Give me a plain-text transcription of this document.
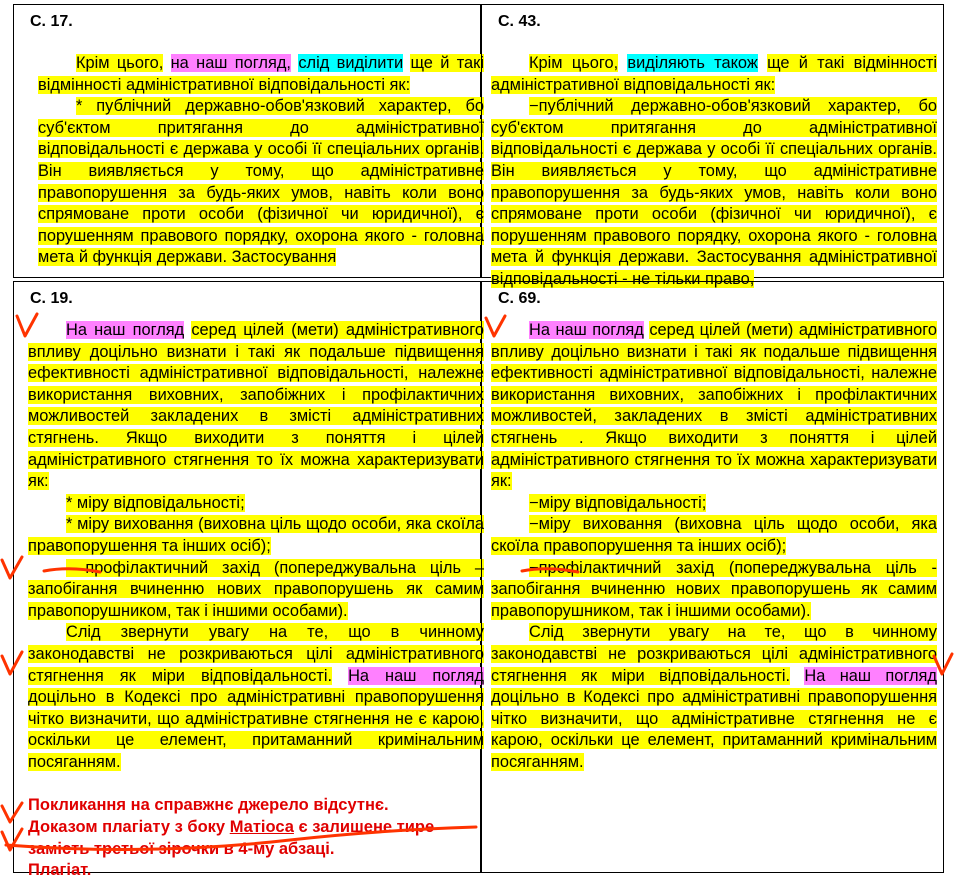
С. 17.

Крім цього, на наш погляд, слід виділити ще й такі відмінності адміністративної відповідальності як:

* публічний державно-обов'язковий характер, бо суб'єктом притягання до адміністративної відповідальності є держава у особі її спеціальних органів. Він виявляється у тому, що адміністративне правопорушення за будь-яких умов, навіть коли воно спрямоване проти особи (фізичної чи юридичної), є порушенням правового порядку, охорона якого - головна мета й функція держави. Застосування

С. 43.

Крім цього, виділяють також ще й такі відмінності адміністративної відповідальності як:

−публічний державно-обов'язковий характер, бо суб'єктом притягання до адміністративної відповідальності є держава у особі її спеціальних органів. Він виявляється у тому, що адміністративне правопорушення за будь-яких умов, навіть коли воно спрямоване проти особи (фізичної чи юридичної), є порушенням правового порядку, охорона якого - головна мета й функція держави. Застосування адміністративної відповідальності - не тільки право,

С. 19.

На наш погляд серед цілей (мети) адміністративного впливу доцільно визнати і такі як подальше підвищення ефективності адміністративної відповідальності, належне використання виховних, запобіжних і профілактичних можливостей закладених в змісті адміністративних стягнень. Якщо виходити з поняття і цілей адміністративного стягнення то їх можна характеризувати як:

* міру відповідальності;

* міру виховання (виховна ціль щодо особи, яка скоїла правопорушення та інших осіб);

- профілактичний захід (попереджувальна ціль – запобігання вчиненню нових правопорушень як самим правопорушником, так і іншими особами).

Слід звернути увагу на те, що в чинному законодавстві не розкриваються цілі адміністративного стягнення як міри відповідальності. На наш погляд доцільно в Кодексі про адміністративні правопорушення чітко визначити, що адміністративне стягнення не є карою, оскільки це елемент, притаманний кримінальним посяганням.

Покликання на справжнє джерело відсутнє.
Доказом плагіату з боку Матіоса є залишене тире замість третьої зірочки в 4-му абзаці.
Плагіат.

С. 69.

На наш погляд серед цілей (мети) адміністративного впливу доцільно визнати і такі як подальше підвищення ефективності адміністративної відповідальності, належне використання виховних, запобіжних і профілактичних можливостей, закладених в змісті адміністративних стягнень . Якщо виходити з поняття і цілей адміністративного стягнення то їх можна характеризувати як:

−міру відповідальності;

−міру виховання (виховна ціль щодо особи, яка скоїла правопорушення та інших осіб);

−профілактичний захід (попереджувальна ціль - запобігання вчиненню нових правопорушень як самим правопорушником, так і іншими особами).

Слід звернути увагу на те, що в чинному законодавстві не розкриваються цілі адміністративного стягнення як міри відповідальності. На наш погляд доцільно в Кодексі про адміністративні правопорушення чітко визначити, що адміністративне стягнення не є карою, оскільки це елемент, притаманний кримінальним посяганням.
